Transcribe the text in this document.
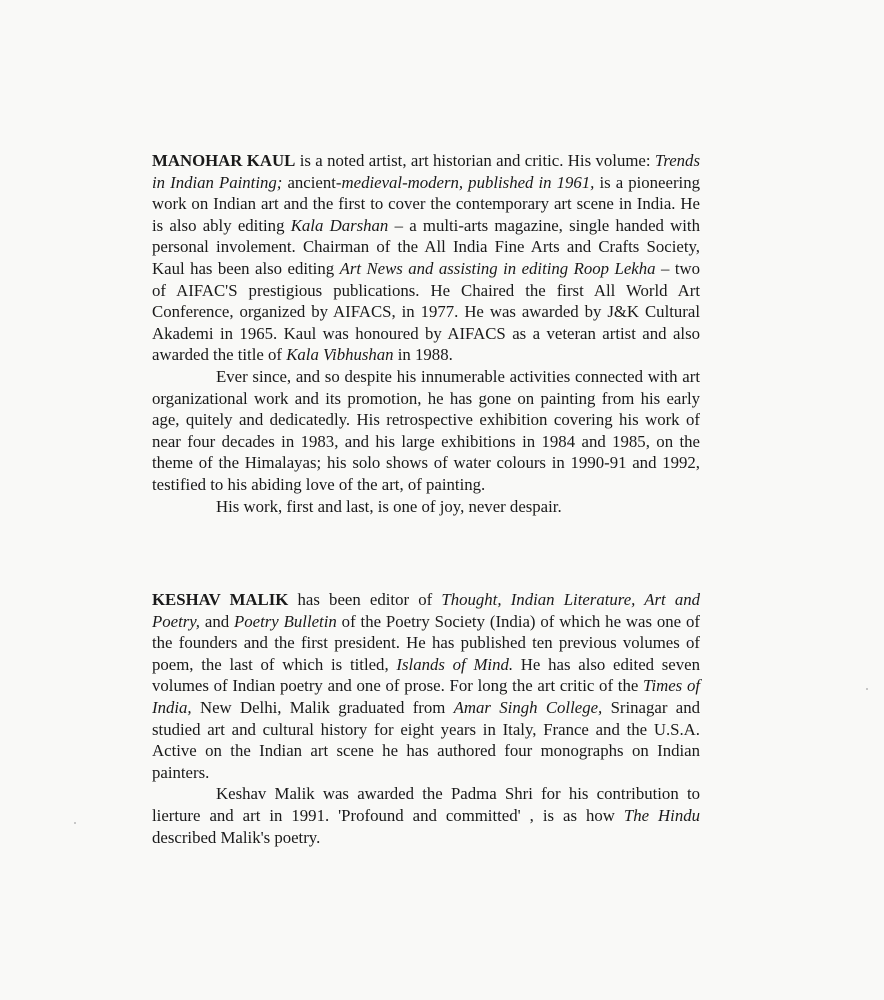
MANOHAR KAUL is a noted artist, art historian and critic. His volume: Trends in Indian Painting; ancient-medieval-modern, published in 1961, is a pioneering work on Indian art and the first to cover the contemporary art scene in India. He is also ably editing Kala Darshan – a multi-arts magazine, single handed with personal involement. Chairman of the All India Fine Arts and Crafts Society, Kaul has been also editing Art News and assisting in editing Roop Lekha – two of AIFAC'S prestigious publications. He Chaired the first All World Art Conference, organized by AIFACS, in 1977. He was awarded by J&K Cultural Akademi in 1965. Kaul was honoured by AIFACS as a veteran artist and also awarded the title of Kala Vibhushan in 1988.

Ever since, and so despite his innumerable activities connected with art organizational work and its promotion, he has gone on painting from his early age, quitely and dedicatedly. His retrospective exhibition covering his work of near four decades in 1983, and his large exhibitions in 1984 and 1985, on the theme of the Himalayas; his solo shows of water colours in 1990-91 and 1992, testified to his abiding love of the art, of painting.

His work, first and last, is one of joy, never despair.

KESHAV MALIK has been editor of Thought, Indian Literature, Art and Poetry, and Poetry Bulletin of the Poetry Society (India) of which he was one of the founders and the first president. He has published ten previous volumes of poem, the last of which is titled, Islands of Mind. He has also edited seven volumes of Indian poetry and one of prose. For long the art critic of the Times of India, New Delhi, Malik graduated from Amar Singh College, Srinagar and studied art and cultural history for eight years in Italy, France and the U.S.A. Active on the Indian art scene he has authored four monographs on Indian painters.

Keshav Malik was awarded the Padma Shri for his contribution to lierture and art in 1991. 'Profound and committed' , is as how The Hindu described Malik's poetry.
